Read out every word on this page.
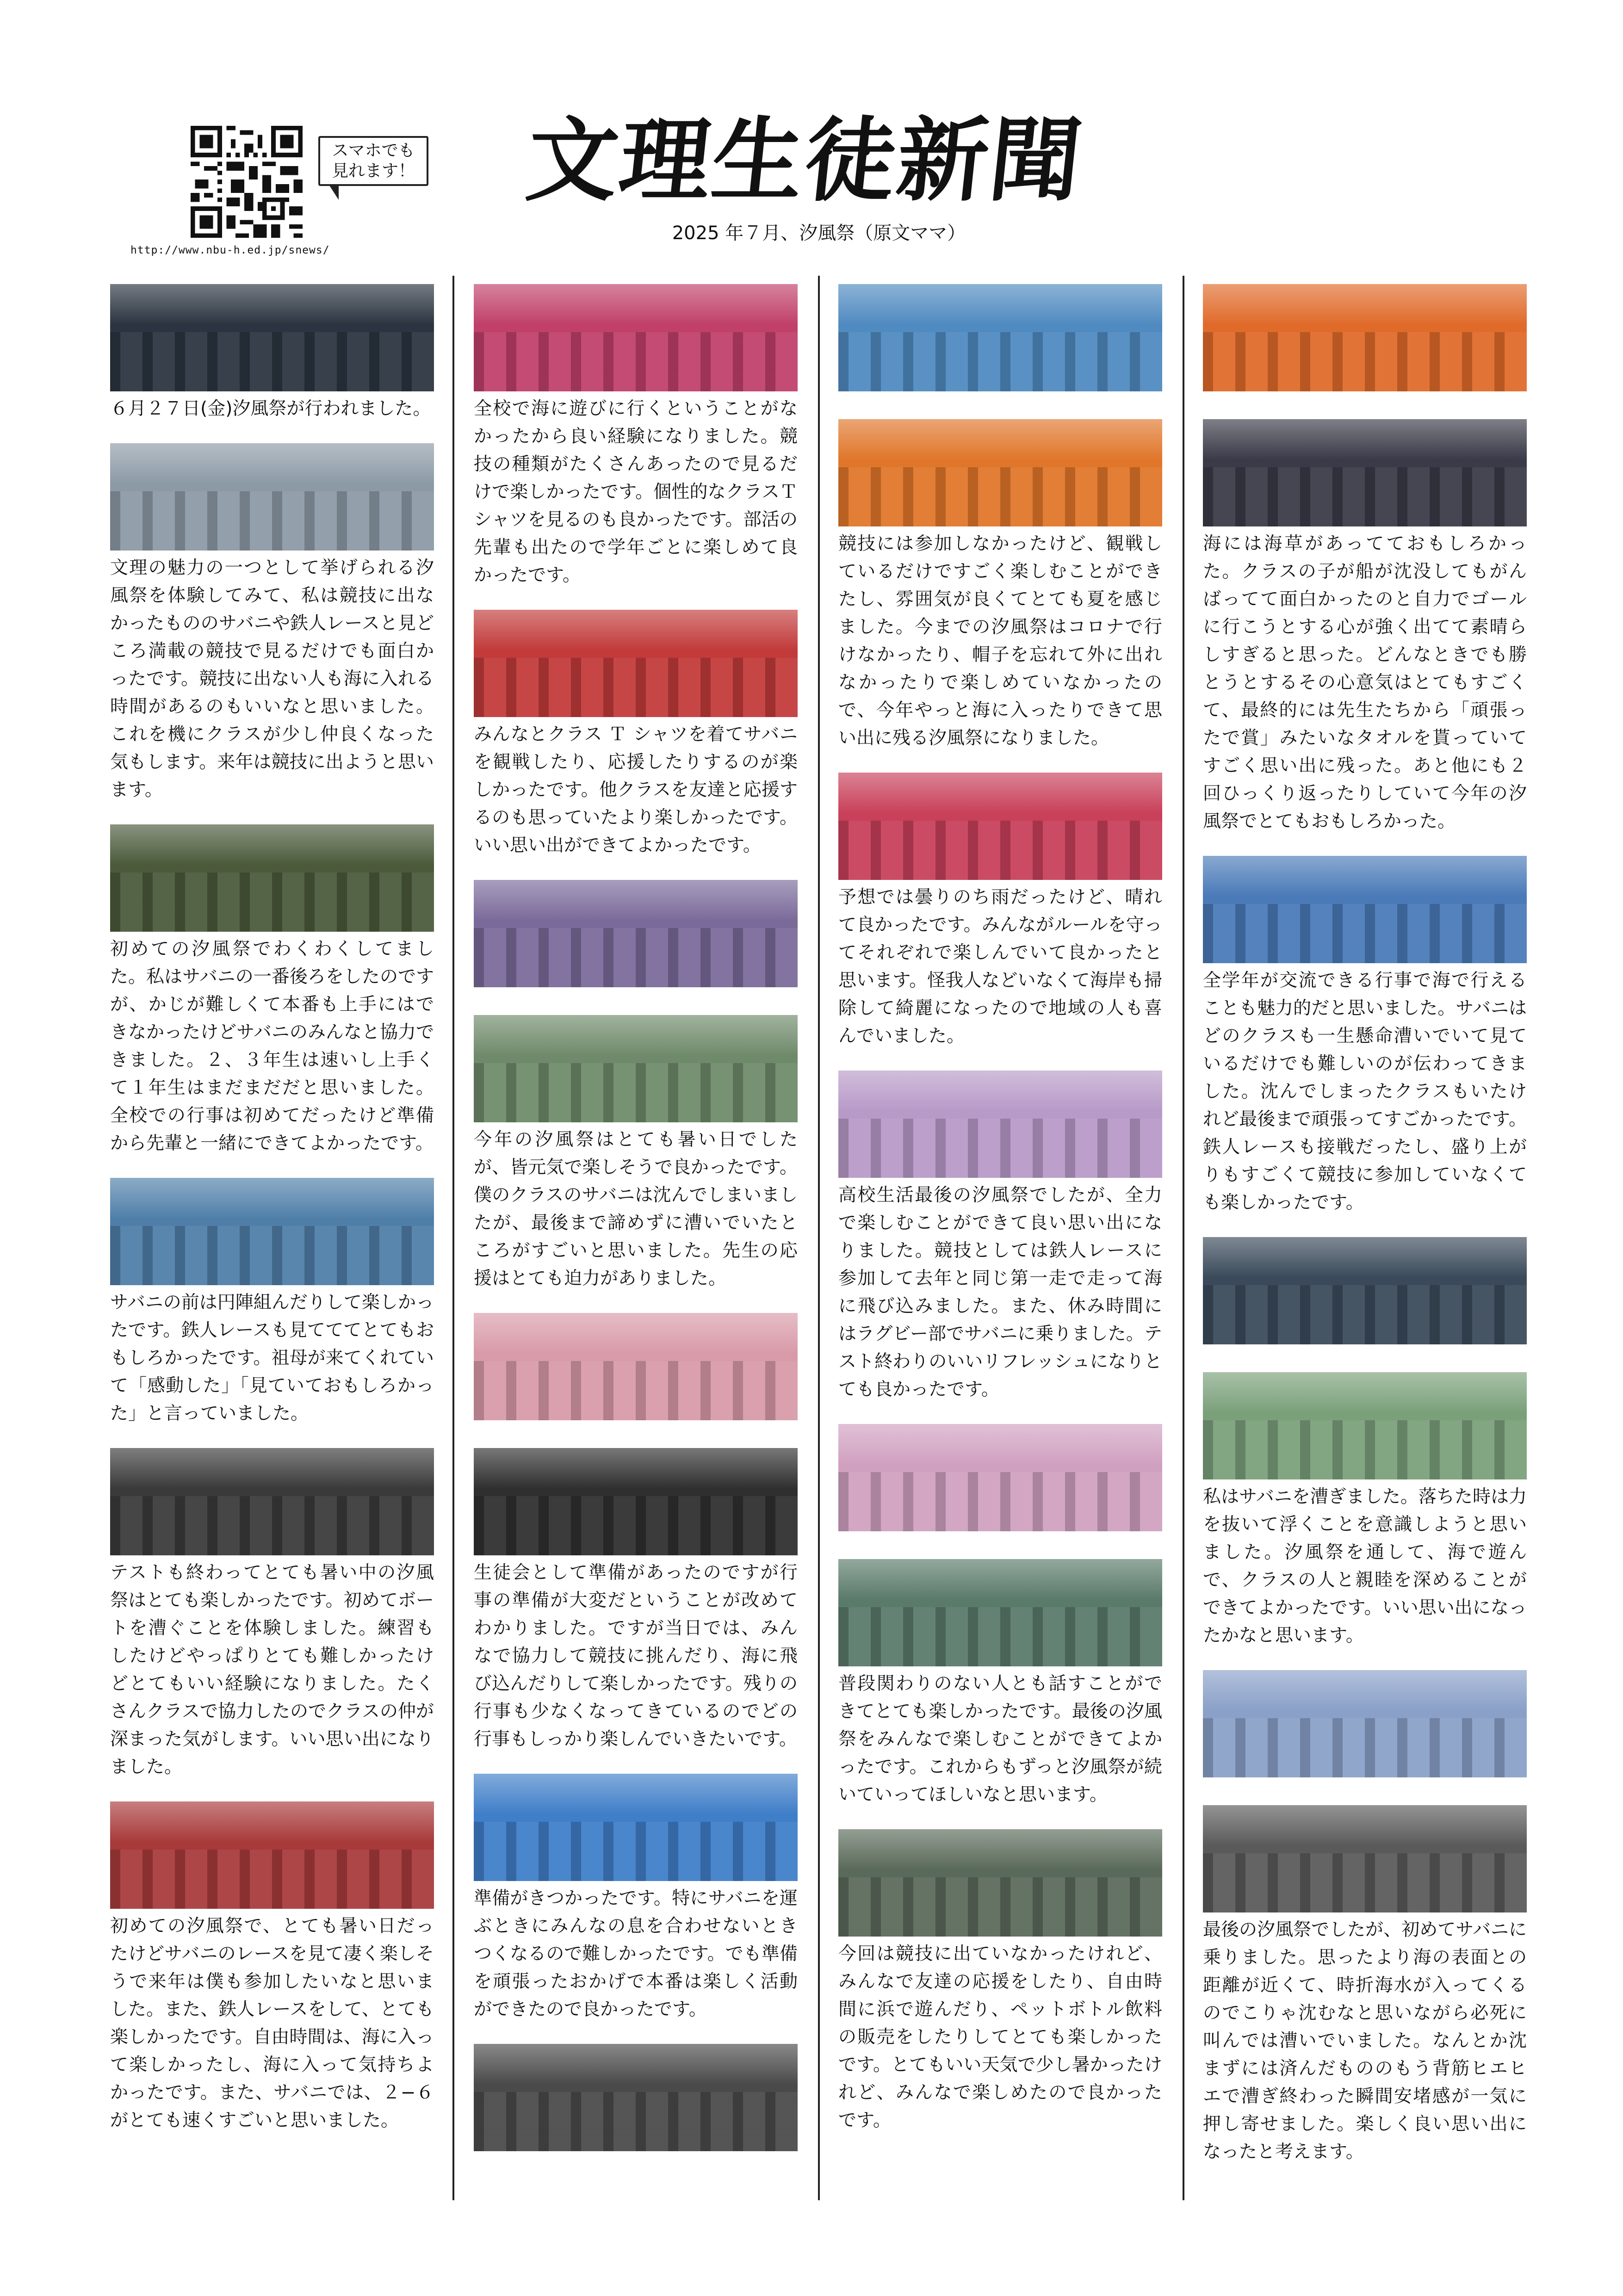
スマホでも
見れます！
http://www.nbu-h.ed.jp/snews/
文理生徒新聞
2025 年７月、汐風祭（原文ママ）

６月２７日(金)汐風祭が行われました。

文理の魅力の一つとして挙げられる汐風祭を体験してみて、私は競技に出なかったもののサバニや鉄人レースと見どころ満載の競技で見るだけでも面白かったです。競技に出ない人も海に入れる時間があるのもいいなと思いました。これを機にクラスが少し仲良くなった気もします。来年は競技に出ようと思います。

初めての汐風祭でわくわくしてました。私はサバニの一番後ろをしたのですが、かじが難しくて本番も上手にはできなかったけどサバニのみんなと協力できました。２、３年生は速いし上手くて１年生はまだまだだと思いました。全校での行事は初めてだったけど準備から先輩と一緒にできてよかったです。

サバニの前は円陣組んだりして楽しかったです。鉄人レースも見てててとてもおもしろかったです。祖母が来てくれていて「感動した」「見ていておもしろかった」と言っていました。

テストも終わってとても暑い中の汐風祭はとても楽しかったです。初めてボートを漕ぐことを体験しました。練習もしたけどやっぱりとても難しかったけどとてもいい経験になりました。たくさんクラスで協力したのでクラスの仲が深まった気がします。いい思い出になりました。

初めての汐風祭で、とても暑い日だったけどサバニのレースを見て凄く楽しそうで来年は僕も参加したいなと思いました。また、鉄人レースをして、とても楽しかったです。自由時間は、海に入って楽しかったし、海に入って気持ちよかったです。また、サバニでは、２−６がとても速くすごいと思いました。

全校で海に遊びに行くということがなかったから良い経験になりました。競技の種類がたくさんあったので見るだけで楽しかったです。個性的なクラスＴシャツを見るのも良かったです。部活の先輩も出たので学年ごとに楽しめて良かったです。

みんなとクラス Ｔ シャツを着てサバニを観戦したり、応援したりするのが楽しかったです。他クラスを友達と応援するのも思っていたより楽しかったです。いい思い出ができてよかったです。

今年の汐風祭はとても暑い日でしたが、皆元気で楽しそうで良かったです。僕のクラスのサバニは沈んでしまいましたが、最後まで諦めずに漕いでいたところがすごいと思いました。先生の応援はとても迫力がありました。

生徒会として準備があったのですが行事の準備が大変だということが改めてわかりました。ですが当日では、みんなで協力して競技に挑んだり、海に飛び込んだりして楽しかったです。残りの行事も少なくなってきているのでどの行事もしっかり楽しんでいきたいです。

準備がきつかったです。特にサバニを運ぶときにみんなの息を合わせないときつくなるので難しかったです。でも準備を頑張ったおかげで本番は楽しく活動ができたので良かったです。

競技には参加しなかったけど、観戦しているだけですごく楽しむことができたし、雰囲気が良くてとても夏を感じました。今までの汐風祭はコロナで行けなかったり、帽子を忘れて外に出れなかったりで楽しめていなかったので、今年やっと海に入ったりできて思い出に残る汐風祭になりました。

予想では曇りのち雨だったけど、晴れて良かったです。みんながルールを守ってそれぞれで楽しんでいて良かったと思います。怪我人などいなくて海岸も掃除して綺麗になったので地域の人も喜んでいました。

高校生活最後の汐風祭でしたが、全力で楽しむことができて良い思い出になりました。競技としては鉄人レースに参加して去年と同じ第一走で走って海に飛び込みました。また、休み時間にはラグビー部でサバニに乗りました。テスト終わりのいいリフレッシュになりとても良かったです。

普段関わりのない人とも話すことができてとても楽しかったです。最後の汐風祭をみんなで楽しむことができてよかったです。これからもずっと汐風祭が続いていってほしいなと思います。

今回は競技に出ていなかったけれど、みんなで友達の応援をしたり、自由時間に浜で遊んだり、ペットボトル飲料の販売をしたりしてとても楽しかったです。とてもいい天気で少し暑かったけれど、みんなで楽しめたので良かったです。

海には海草があってておもしろかった。クラスの子が船が沈没してもがんばってて面白かったのと自力でゴールに行こうとする心が強く出てて素晴らしすぎると思った。どんなときでも勝とうとするその心意気はとてもすごくて、最終的には先生たちから「頑張ったで賞」みたいなタオルを貰っていてすごく思い出に残った。あと他にも２回ひっくり返ったりしていて今年の汐風祭でとてもおもしろかった。

全学年が交流できる行事で海で行えることも魅力的だと思いました。サバニはどのクラスも一生懸命漕いでいて見ているだけでも難しいのが伝わってきました。沈んでしまったクラスもいたけれど最後まで頑張ってすごかったです。鉄人レースも接戦だったし、盛り上がりもすごくて競技に参加していなくても楽しかったです。

私はサバニを漕ぎました。落ちた時は力を抜いて浮くことを意識しようと思いました。汐風祭を通して、海で遊んで、クラスの人と親睦を深めることができてよかったです。いい思い出になったかなと思います。

最後の汐風祭でしたが、初めてサバニに乗りました。思ったより海の表面との距離が近くて、時折海水が入ってくるのでこりゃ沈むなと思いながら必死に叫んでは漕いでいました。なんとか沈まずには済んだもののもう背筋ヒエヒエで漕ぎ終わった瞬間安堵感が一気に押し寄せました。楽しく良い思い出になったと考えます。
